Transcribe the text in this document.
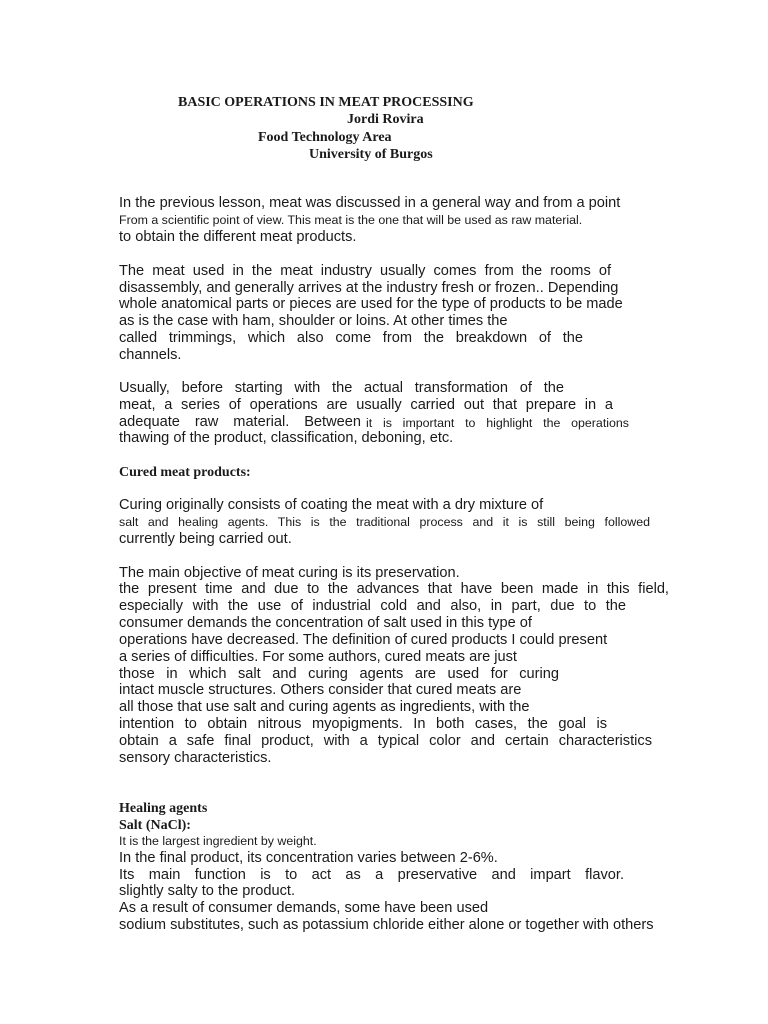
BASIC OPERATIONS IN MEAT PROCESSING
Jordi Rovira
Food Technology Area
University of Burgos
In the previous lesson, meat was discussed in a general way and from a point
From a scientific point of view. This meat is the one that will be used as raw material.
to obtain the different meat products.
The meat used in the meat industry usually comes from the rooms of
disassembly, and generally arrives at the industry fresh or frozen.. Depending
whole anatomical parts or pieces are used for the type of products to be made
as is the case with ham, shoulder or loins. At other times the
called trimmings, which also come from the breakdown of the
channels.
Usually, before starting with the actual transformation of the
meat, a series of operations are usually carried out that prepare in a
adequate raw material. Between it is important to highlight the operations
thawing of the product, classification, deboning, etc.
Cured meat products:
Curing originally consists of coating the meat with a dry mixture of
salt and healing agents. This is the traditional process and it is still being followed
currently being carried out.
The main objective of meat curing is its preservation.
the present time and due to the advances that have been made in this field,
especially with the use of industrial cold and also, in part, due to the
consumer demands the concentration of salt used in this type of
operations have decreased. The definition of cured products I could present
a series of difficulties. For some authors, cured meats are just
those in which salt and curing agents are used for curing
intact muscle structures. Others consider that cured meats are
all those that use salt and curing agents as ingredients, with the
intention to obtain nitrous myopigments. In both cases, the goal is
obtain a safe final product, with a typical color and certain characteristics
sensory characteristics.
Healing agents
Salt (NaCl):
It is the largest ingredient by weight.
In the final product, its concentration varies between 2-6%.
Its main function is to act as a preservative and impart flavor.
slightly salty to the product.
As a result of consumer demands, some have been used
sodium substitutes, such as potassium chloride either alone or together with others
